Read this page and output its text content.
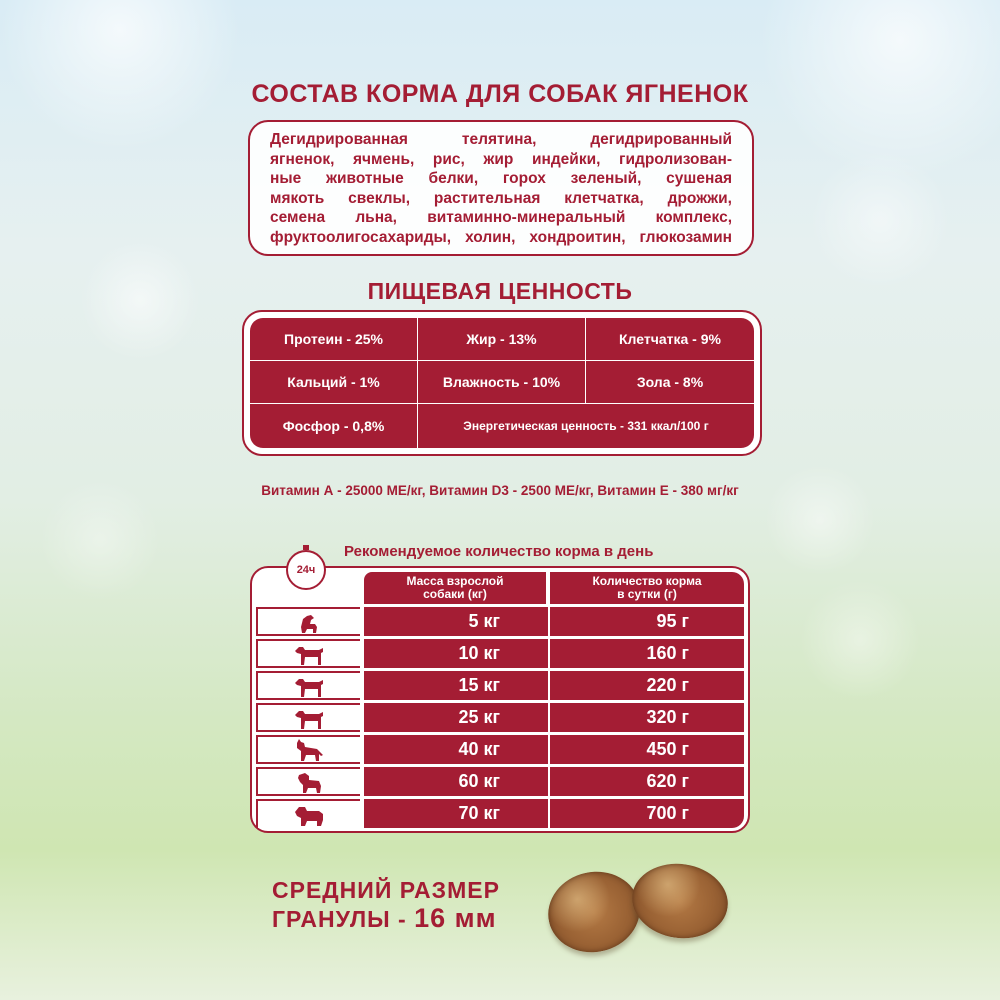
СОСТАВ КОРМА ДЛЯ СОБАК ЯГНЕНОК
Дегидрированная телятина, дегидрированный
ягненок, ячмень, рис, жир индейки, гидролизован-
ные животные белки, горох зеленый, сушеная
мякоть свеклы, растительная клетчатка, дрожжи,
семена льна, витаминно-минеральный комплекс,
фруктоолигосахариды, холин, хондроитин, глюкозамин
ПИЩЕВАЯ ЦЕННОСТЬ
Протеин - 25%	Жир - 13%	Клетчатка - 9%
Кальций - 1%	Влажность - 10%	Зола - 8%
Фосфор - 0,8%	Энергетическая ценность - 331 ккал/100 г
Витамин А - 25000 МЕ/кг, Витамин D3 - 2500 МЕ/кг, Витамин Е - 380 мг/кг
24ч
Рекомендуемое количество корма в день
Масса взрослой
собаки (кг)
Количество корма
в сутки (г)
5 кг	95 г
10 кг	160 г
15 кг	220 г
25 кг	320 г
40 кг	450 г
60 кг	620 г
70 кг	700 г
СРЕДНИЙ РАЗМЕР
ГРАНУЛЫ - 16 мм
